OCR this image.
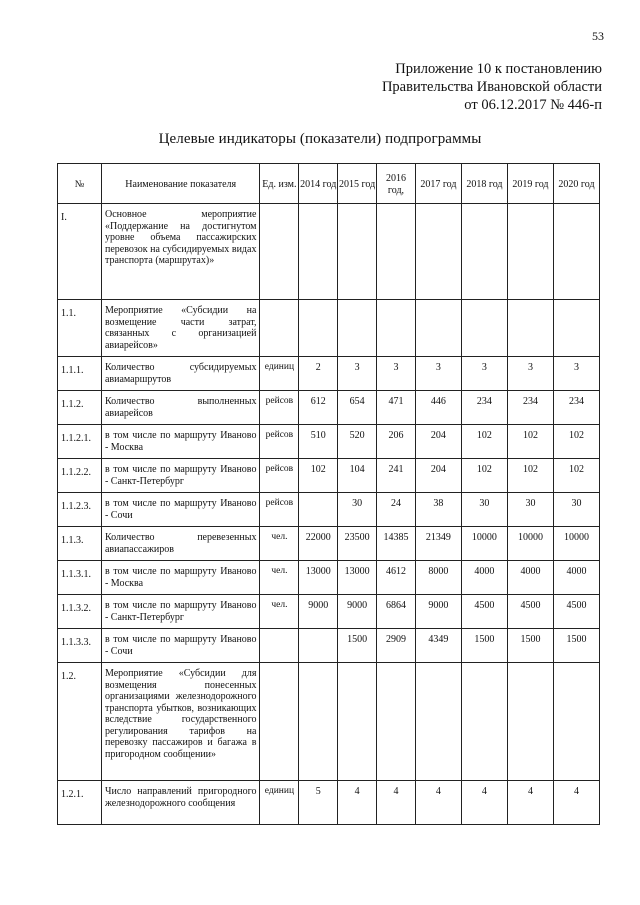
53
Приложение 10 к постановлению
Правительства Ивановской области
от 06.12.2017 № 446-п
Целевые индикаторы (показатели) подпрограммы
№	Наименование показателя	Ед. изм.	2014 год	2015 год	2016 год,	2017 год	2018 год	2019 год	2020 год
I.	Основное мероприятие «Поддержание на достигнутом уровне объема пассажирских перевозок на субсидируемых видах транспорта (маршрутах)»								
1.1.	Мероприятие «Субсидии на возмещение части затрат, связанных с организацией авиарейсов»								
1.1.1.	Количество субсидируемых авиамаршрутов	единиц	2	3	3	3	3	3	3
1.1.2.	Количество выполненных авиарейсов	рейсов	612	654	471	446	234	234	234
1.1.2.1.	в том числе по маршруту Иваново - Москва	рейсов	510	520	206	204	102	102	102
1.1.2.2.	в том числе по маршруту Иваново - Санкт-Петербург	рейсов	102	104	241	204	102	102	102
1.1.2.3.	в том числе по маршруту Иваново - Сочи	рейсов		30	24	38	30	30	30
1.1.3.	Количество перевезенных авиапассажиров	чел.	22000	23500	14385	21349	10000	10000	10000
1.1.3.1.	в том числе по маршруту Иваново - Москва	чел.	13000	13000	4612	8000	4000	4000	4000
1.1.3.2.	в том числе по маршруту Иваново - Санкт-Петербург	чел.	9000	9000	6864	9000	4500	4500	4500
1.1.3.3.	в том числе по маршруту Иваново - Сочи			1500	2909	4349	1500	1500	1500
1.2.	Мероприятие «Субсидии для возмещения понесенных организациями железнодорожного транспорта убытков, возникающих вследствие государственного регулирования тарифов на перевозку пассажиров и багажа в пригородном сообщении»								
1.2.1.	Число направлений пригородного железнодорожного сообщения	единиц	5	4	4	4	4	4	4
